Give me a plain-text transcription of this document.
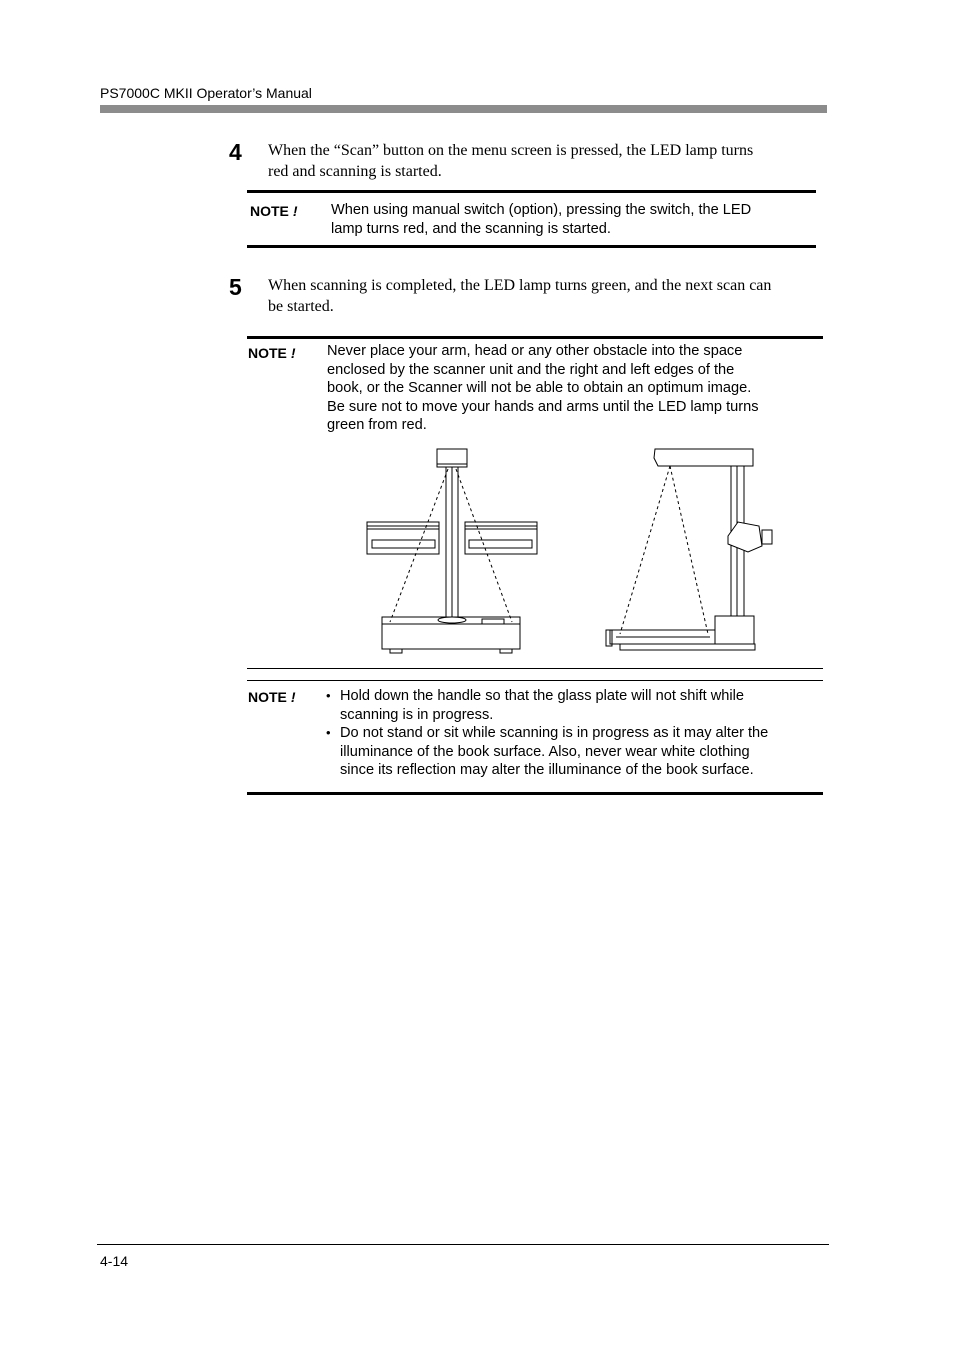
PS7000C MKII Operator’s Manual
4 When the “Scan” button on the menu screen is pressed, the LED lamp turns
red and scanning is started.
NOTE ! When using manual switch (option), pressing the switch, the LED
lamp turns red, and the scanning is started.
5 When scanning is completed, the LED lamp turns green, and the next scan can
be started.
NOTE ! Never place your arm, head or any other obstacle into the space
enclosed by the scanner unit and the right and left edges of the
book, or the Scanner will not be able to obtain an optimum image.
Be sure not to move your hands and arms until the LED lamp turns
green from red.
NOTE !
•	Hold down the handle so that the glass plate will not shift while
scanning is in progress.
• Do not stand or sit while scanning is in progress as it may alter the
illuminance of the book surface. Also, never wear white clothing
since its reflection may alter the illuminance of the book surface.
4-14
